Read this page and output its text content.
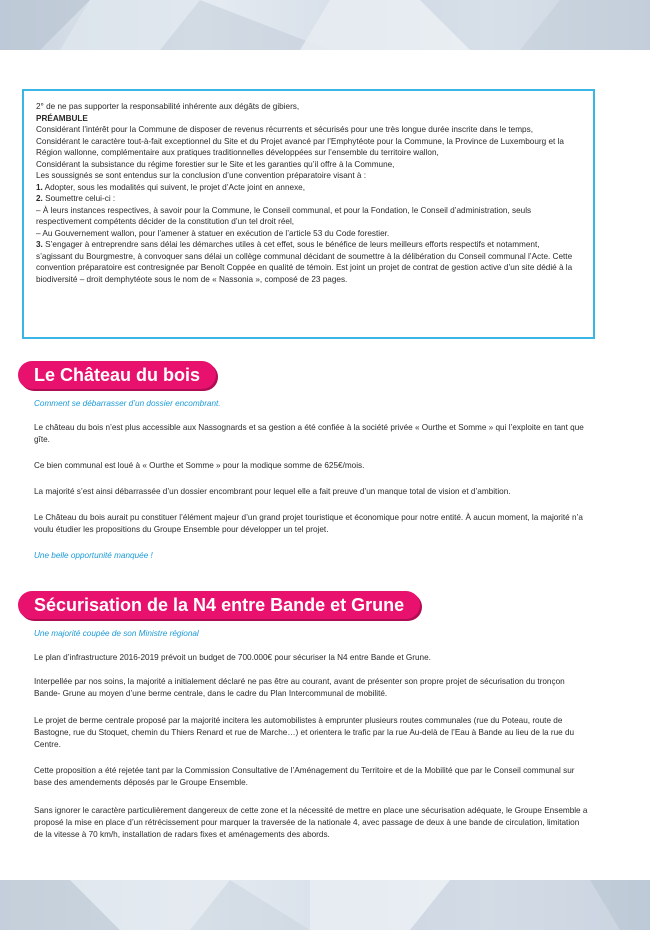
2° de ne pas supporter la responsabilité inhérente aux dégâts de gibiers,

PRÉAMBULE

Considérant l’intérêt pour la Commune de disposer de revenus récurrents et sécurisés pour une très longue durée inscrite dans le temps,

Considérant le caractère tout-à-fait exceptionnel du Site et du Projet avancé par l’Emphytéote pour la Commune, la Province de Luxembourg et la Région wallonne, complémentaire aux pratiques traditionnelles développées sur l’ensemble du territoire wallon,

Considérant la subsistance du régime forestier sur le Site et les garanties qu’il offre à la Commune,

Les soussignés se sont entendus sur la conclusion d’une convention préparatoire visant à :

1. Adopter, sous les modalités qui suivent, le projet d’Acte joint en annexe,

2. Soumettre celui-ci :

– À leurs instances respectives, à savoir pour la Commune, le Conseil communal, et pour la Fondation, le Conseil d’administration, seuls respectivement compétents décider de la constitution d’un tel droit réel,

– Au Gouvernement wallon, pour l’amener à statuer en exécution de l’article 53 du Code forestier.

3. S’engager à entreprendre sans délai les démarches utiles à cet effet, sous le bénéfice de leurs meilleurs efforts respectifs et notamment, s’agissant du Bourgmestre, à convoquer sans délai un collège communal décidant de soumettre à la délibération du Conseil communal l’Acte. Cette convention préparatoire est contresignée par Benoît Coppée en qualité de témoin. Est joint un projet de contrat de gestion active d’un site dédié à la biodiversité – droit demphytéote sous le nom de « Nassonia », composé de 23 pages.

Le Château du bois
Comment se débarrasser d’un dossier encombrant.

Le château du bois n’est plus accessible aux Nassognards et sa gestion a été confiée à la société privée « Ourthe et Somme » qui l’exploite en tant que gîte.

Ce bien communal est loué à « Ourthe et Somme » pour la modique somme de 625€/mois.

La majorité s’est ainsi débarrassée d’un dossier encombrant pour lequel elle a fait preuve d’un manque total de vision et d’ambition.

Le Château du bois aurait pu constituer l’élément majeur d’un grand projet touristique et économique pour notre entité. À aucun moment, la majorité n’a voulu étudier les propositions du Groupe Ensemble pour développer un tel projet.

Une belle opportunité manquée !

Sécurisation de la N4 entre Bande et Grune
Une majorité coupée de son Ministre régional

Le plan d’infrastructure 2016-2019 prévoit un budget de 700.000€ pour sécuriser la N4 entre Bande et Grune.

Interpellée par nos soins, la majorité a initialement déclaré ne pas être au courant, avant de présenter son propre projet de sécurisation du tronçon Bande- Grune au moyen d’une berme centrale, dans le cadre du Plan Intercommunal de mobilité.

Le projet de berme centrale proposé par la majorité incitera les automobilistes à emprunter plusieurs routes communales (rue du Poteau, route de Bastogne, rue du Stoquet, chemin du Thiers Renard et rue de Marche…) et orientera le trafic par la rue Au-delà de l’Eau à Bande au lieu de la rue du Centre.

Cette proposition a été rejetée tant par la Commission Consultative de l’Aménagement du Territoire et de la Mobilité que par le Conseil communal sur base des amendements déposés par le Groupe Ensemble.

Sans ignorer le caractère particulièrement dangereux de cette zone et la nécessité de mettre en place une sécurisation adéquate, le Groupe Ensemble a proposé la mise en place d’un rétrécissement pour marquer la traversée de la nationale 4, avec passage de deux à une bande de circulation, limitation de la vitesse à 70 km/h, installation de radars fixes et aménagements des abords.
